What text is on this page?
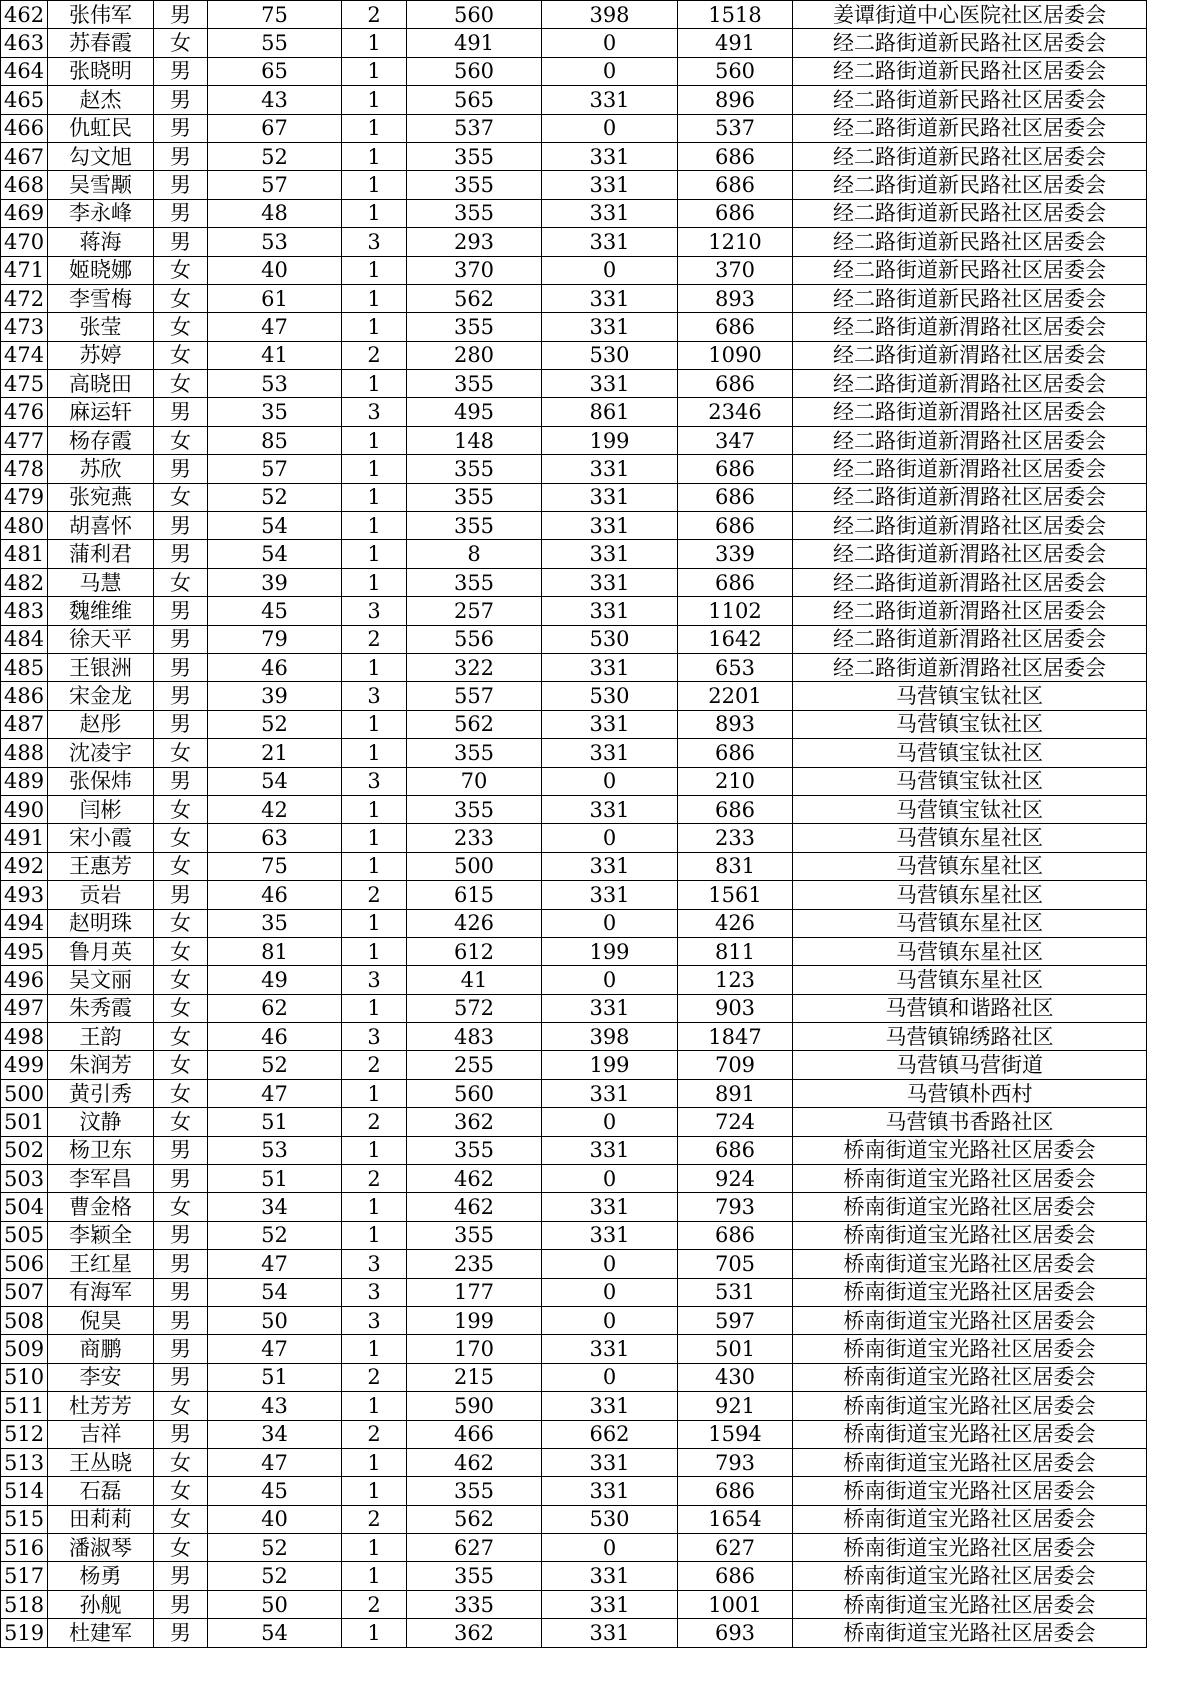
462	张伟军	男	75	2	560	398	1518	姜谭街道中心医院社区居委会
463	苏春霞	女	55	1	491	0	491	经二路街道新民路社区居委会
464	张晓明	男	65	1	560	0	560	经二路街道新民路社区居委会
465	赵杰	男	43	1	565	331	896	经二路街道新民路社区居委会
466	仇虹民	男	67	1	537	0	537	经二路街道新民路社区居委会
467	勾文旭	男	52	1	355	331	686	经二路街道新民路社区居委会
468	吴雪颙	男	57	1	355	331	686	经二路街道新民路社区居委会
469	李永峰	男	48	1	355	331	686	经二路街道新民路社区居委会
470	蒋海	男	53	3	293	331	1210	经二路街道新民路社区居委会
471	姬晓娜	女	40	1	370	0	370	经二路街道新民路社区居委会
472	李雪梅	女	61	1	562	331	893	经二路街道新民路社区居委会
473	张莹	女	47	1	355	331	686	经二路街道新渭路社区居委会
474	苏婷	女	41	2	280	530	1090	经二路街道新渭路社区居委会
475	高晓田	女	53	1	355	331	686	经二路街道新渭路社区居委会
476	麻运轩	男	35	3	495	861	2346	经二路街道新渭路社区居委会
477	杨存霞	女	85	1	148	199	347	经二路街道新渭路社区居委会
478	苏欣	男	57	1	355	331	686	经二路街道新渭路社区居委会
479	张宛燕	女	52	1	355	331	686	经二路街道新渭路社区居委会
480	胡喜怀	男	54	1	355	331	686	经二路街道新渭路社区居委会
481	蒲利君	男	54	1	8	331	339	经二路街道新渭路社区居委会
482	马慧	女	39	1	355	331	686	经二路街道新渭路社区居委会
483	魏维维	男	45	3	257	331	1102	经二路街道新渭路社区居委会
484	徐天平	男	79	2	556	530	1642	经二路街道新渭路社区居委会
485	王银洲	男	46	1	322	331	653	经二路街道新渭路社区居委会
486	宋金龙	男	39	3	557	530	2201	马营镇宝钛社区
487	赵彤	男	52	1	562	331	893	马营镇宝钛社区
488	沈凌宇	女	21	1	355	331	686	马营镇宝钛社区
489	张保炜	男	54	3	70	0	210	马营镇宝钛社区
490	闫彬	女	42	1	355	331	686	马营镇宝钛社区
491	宋小霞	女	63	1	233	0	233	马营镇东星社区
492	王惠芳	女	75	1	500	331	831	马营镇东星社区
493	贡岩	男	46	2	615	331	1561	马营镇东星社区
494	赵明珠	女	35	1	426	0	426	马营镇东星社区
495	鲁月英	女	81	1	612	199	811	马营镇东星社区
496	吴文丽	女	49	3	41	0	123	马营镇东星社区
497	朱秀霞	女	62	1	572	331	903	马营镇和谐路社区
498	王韵	女	46	3	483	398	1847	马营镇锦绣路社区
499	朱润芳	女	52	2	255	199	709	马营镇马营街道
500	黄引秀	女	47	1	560	331	891	马营镇朴西村
501	汶静	女	51	2	362	0	724	马营镇书香路社区
502	杨卫东	男	53	1	355	331	686	桥南街道宝光路社区居委会
503	李军昌	男	51	2	462	0	924	桥南街道宝光路社区居委会
504	曹金格	女	34	1	462	331	793	桥南街道宝光路社区居委会
505	李颖全	男	52	1	355	331	686	桥南街道宝光路社区居委会
506	王红星	男	47	3	235	0	705	桥南街道宝光路社区居委会
507	有海军	男	54	3	177	0	531	桥南街道宝光路社区居委会
508	倪昊	男	50	3	199	0	597	桥南街道宝光路社区居委会
509	商鹏	男	47	1	170	331	501	桥南街道宝光路社区居委会
510	李安	男	51	2	215	0	430	桥南街道宝光路社区居委会
511	杜芳芳	女	43	1	590	331	921	桥南街道宝光路社区居委会
512	吉祥	男	34	2	466	662	1594	桥南街道宝光路社区居委会
513	王丛晓	女	47	1	462	331	793	桥南街道宝光路社区居委会
514	石磊	女	45	1	355	331	686	桥南街道宝光路社区居委会
515	田莉莉	女	40	2	562	530	1654	桥南街道宝光路社区居委会
516	潘淑琴	女	52	1	627	0	627	桥南街道宝光路社区居委会
517	杨勇	男	52	1	355	331	686	桥南街道宝光路社区居委会
518	孙舰	男	50	2	335	331	1001	桥南街道宝光路社区居委会
519	杜建军	男	54	1	362	331	693	桥南街道宝光路社区居委会
